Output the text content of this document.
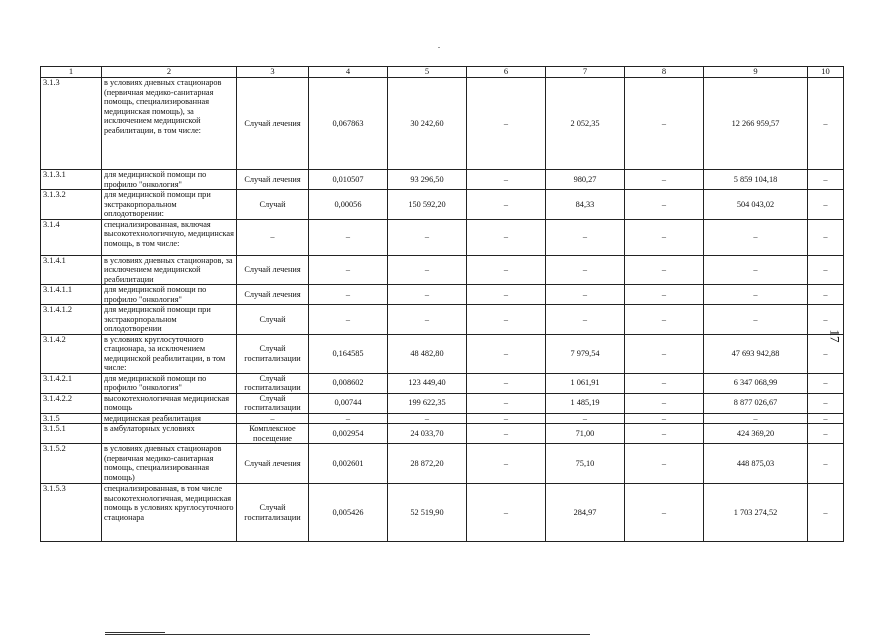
1	2	3	4	5	6	7	8	9	10
3.1.3	в условиях дневных стационаров (первичная медико-санитарная помощь, специализированная медицинская помощь), за исключением медицинской реабилитации, в том числе:	Случай лечения	0,067863	30 242,60	–	2 052,35	–	12 266 959,57	–
3.1.3.1	для медицинской помощи по профилю "онкология"	Случай лечения	0,010507	93 296,50	–	980,27	–	5 859 104,18	–
3.1.3.2	для медицинской помощи при экстракорпоральном оплодотворении:	Случай	0,00056	150 592,20	–	84,33	–	504 043,02	–
3.1.4	специализированная, включая высокотехнологичную, медицинская помощь, в том числе:	–	–	–	–	–	–	–	–
3.1.4.1	в условиях дневных стационаров, за исключением медицинской реабилитации	Случай лечения	–	–	–	–	–	–	–
3.1.4.1.1	для медицинской помощи по профилю "онкология"	Случай лечения	–	–	–	–	–	–	–
3.1.4.1.2	для медицинской помощи при экстракорпоральном оплодотворении	Случай	–	–	–	–	–	–	–
3.1.4.2	в условиях круглосуточного стационара, за исключением медицинской реабилитации, в том числе:	Случай госпитализации	0,164585	48 482,80	–	7 979,54	–	47 693 942,88	–
3.1.4.2.1	для медицинской помощи по профилю "онкология"	Случай госпитализации	0,008602	123 449,40	–	1 061,91	–	6 347 068,99	–
3.1.4.2.2	высокотехнологичная медицинская помощь	Случай госпитализации	0,00744	199 622,35	–	1 485,19	–	8 877 026,67	–
3.1.5	медицинская реабилитация	–	–	–	–	–	–	–	–
3.1.5.1	в амбулаторных условиях	Комплексное посещение	0,002954	24 033,70	–	71,00	–	424 369,20	–
3.1.5.2	в условиях дневных стационаров (первичная медико-санитарная помощь, специализированная помощь)	Случай лечения	0,002601	28 872,20	–	75,10	–	448 875,03	–
3.1.5.3	специализированная, в том числе высокотехнологичная, медицинская помощь в условиях круглосуточного стационара	Случай госпитализации	0,005426	52 519,90	–	284,97	–	1 703 274,52	–
17
